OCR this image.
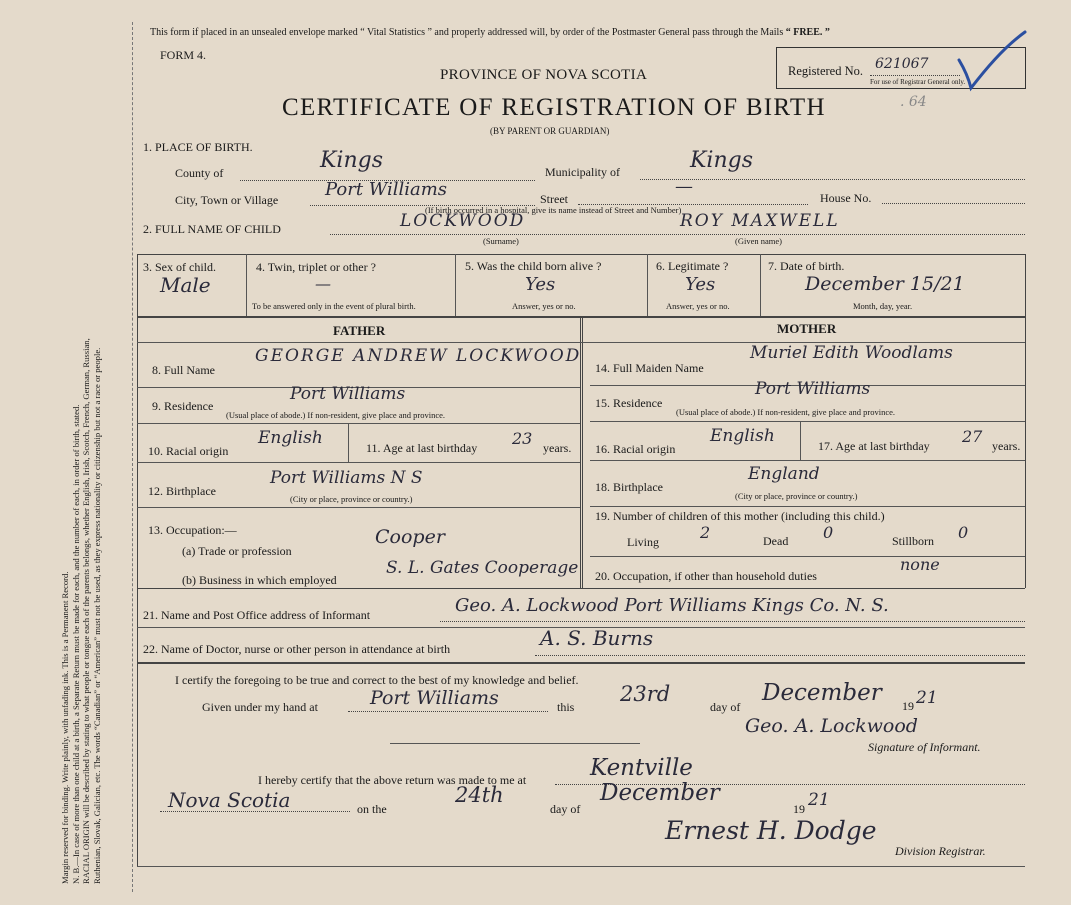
Margin reserved for binding. Write plainly, with unfading ink. This is a Permanent Record. N. B.—In case of more than one child at a birth, a Separate Return must be made for each, and the number of each, in order of birth, stated. RACIAL ORIGIN will be described by stating to what people or tongue each of the parents belongs, whether English, Irish, Scotch, French, German, Russian, Ruthenian, Slovak, Galician, etc. The words “Canadian” or “American” must not be used, as they express nationality or citizenship but not a race or people.
This form if placed in an unsealed envelope marked “ Vital Statistics ” and properly addressed will, by order of the Postmaster General pass through the Mails “ FREE. ”
FORM 4.
PROVINCE OF NOVA SCOTIA
CERTIFICATE OF REGISTRATION OF BIRTH	. 64
(BY PARENT OR GUARDIAN)
Registered No. 621067
For use of Registrar General only.
1. PLACE OF BIRTH.
County of	Kings	Municipality of	Kings
City, Town or Village	Port Williams	Street
—
House No.
(If birth occurred in a hospital, give its name instead of Street and Number)
2. FULL NAME OF CHILD	LOCKWOOD
(Surname)
ROY MAXWELL
(Given name)
3. Sex of child.
Male
4. Twin, triplet or other ?
—
To be answered only in the event of plural birth.
5. Was the child born alive ?
Yes
Answer, yes or no.
6. Legitimate ?
Yes
Answer, yes or no.
7. Date of birth.
December 15/21
Month, day, year.
FATHER	MOTHER
8. Full Name
GEORGE ANDREW LOCKWOOD
9. Residence
Port Williams
(Usual place of abode.) If non-resident, give place and province.
10. Racial origin
English	11. Age at last birthday 23 years.
12. Birthplace
Port Williams N S
(City or place, province or country.)
13. Occupation:—
(a) Trade or profession
Cooper
(b) Business in which employed
S. L. Gates Cooperage
14. Full Maiden Name
Muriel Edith Woodlams
15. Residence
Port Williams
(Usual place of abode.) If non-resident, give place and province.
16. Racial origin
English	17. Age at last birthday 27 years.
18. Birthplace
England
(City or place, province or country.)
19. Number of children of this mother (including this child.)
Living	2	Dead 0	Stillborn 0
20. Occupation, if other than household duties
none
21. Name and Post Office address of Informant	Geo. A. Lockwood Port Williams Kings Co. N. S.
22. Name of Doctor, nurse or other person in attendance at birth	A. S. Burns
I certify the foregoing to be true and correct to the best of my knowledge and belief.
Given under my hand at	Port Williams	this
23rd
day of
December 19 21
Geo. A. Lockwood
Signature of Informant.
I hereby certify that the above return was made to me at	Kentville
Nova Scotia	on the
24th
day of
December
19 21
Ernest H. Dodge
Division Registrar.
